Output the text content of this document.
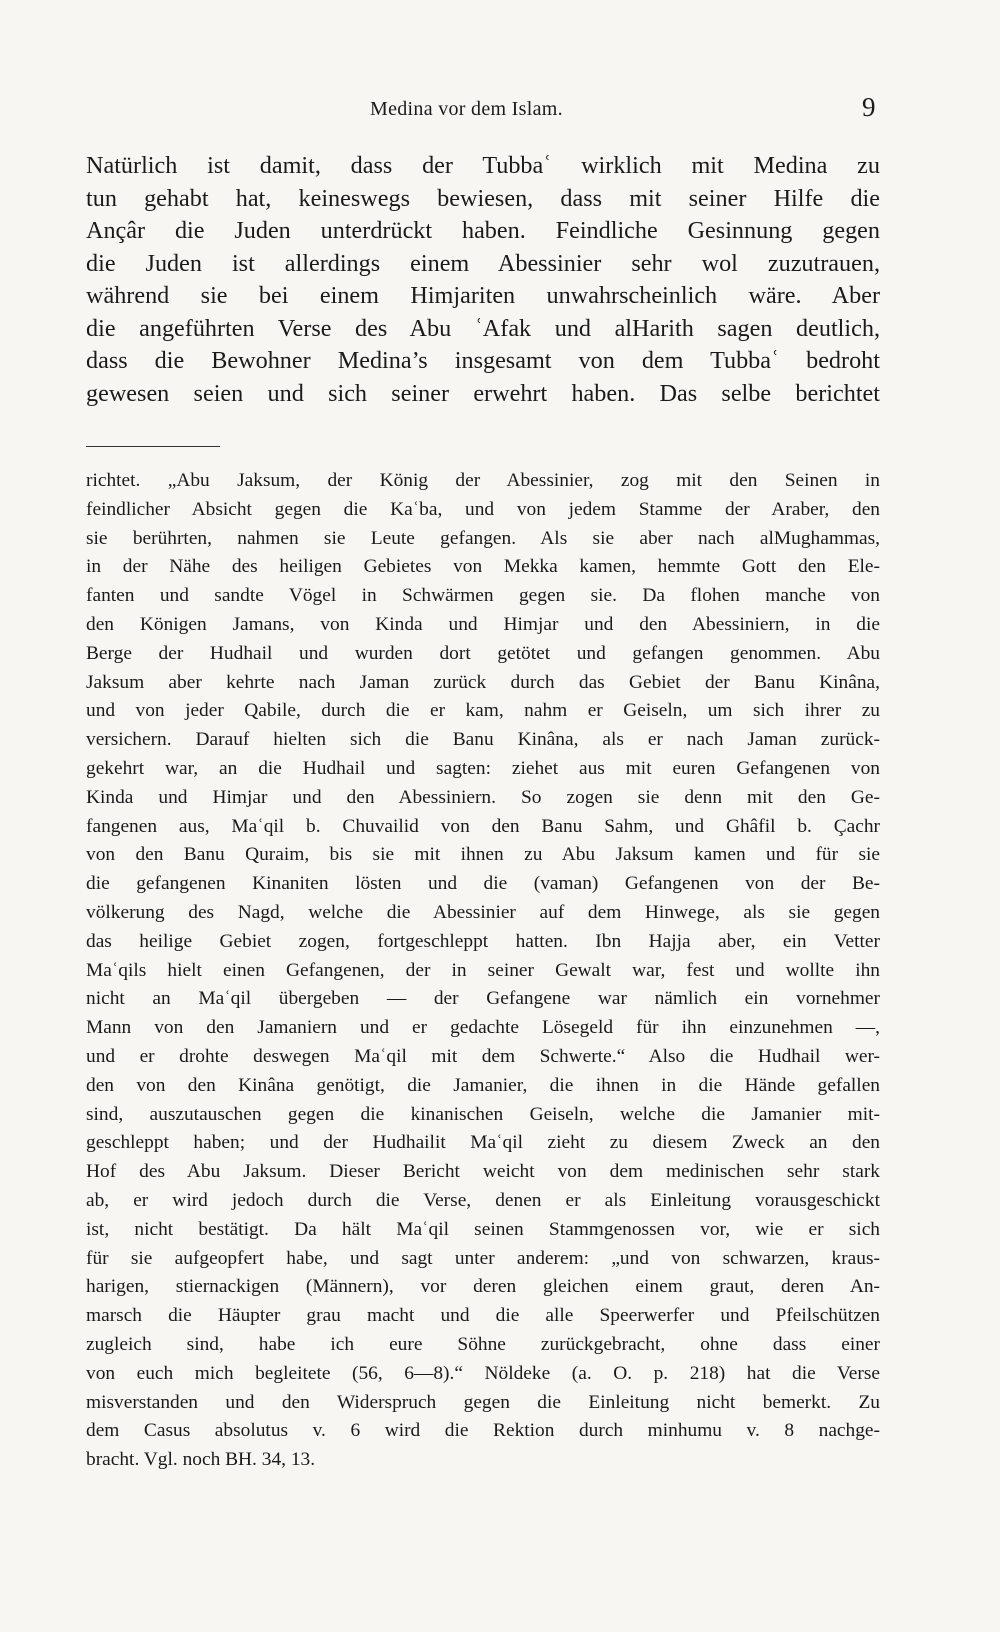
Medina vor dem Islam.	9
Natürlich ist damit, dass der Tubbaʿ wirklich mit Medina zu
tun gehabt hat, keineswegs bewiesen, dass mit seiner Hilfe die
Ançâr die Juden unterdrückt haben. Feindliche Gesinnung gegen
die Juden ist allerdings einem Abessinier sehr wol zuzutrauen,
während sie bei einem Himjariten unwahrscheinlich wäre. Aber
die angeführten Verse des Abu ʿAfak und alHarith sagen deutlich,
dass die Bewohner Medina’s insgesamt von dem Tubbaʿ bedroht
gewesen seien und sich seiner erwehrt haben. Das selbe berichtet
richtet. „Abu Jaksum, der König der Abessinier, zog mit den Seinen in
feindlicher Absicht gegen die Kaʿba, und von jedem Stamme der Araber, den
sie berührten, nahmen sie Leute gefangen. Als sie aber nach alMughammas,
in der Nähe des heiligen Gebietes von Mekka kamen, hemmte Gott den Ele-
fanten und sandte Vögel in Schwärmen gegen sie. Da flohen manche von
den Königen Jamans, von Kinda und Himjar und den Abessiniern, in die
Berge der Hudhail und wurden dort getötet und gefangen genommen. Abu
Jaksum aber kehrte nach Jaman zurück durch das Gebiet der Banu Kinâna,
und von jeder Qabile, durch die er kam, nahm er Geiseln, um sich ihrer zu
versichern. Darauf hielten sich die Banu Kinâna, als er nach Jaman zurück-
gekehrt war, an die Hudhail und sagten: ziehet aus mit euren Gefangenen von
Kinda und Himjar und den Abessiniern. So zogen sie denn mit den Ge-
fangenen aus, Maʿqil b. Chuvailid von den Banu Sahm, und Ghâfil b. Çachr
von den Banu Quraim, bis sie mit ihnen zu Abu Jaksum kamen und für sie
die gefangenen Kinaniten lösten und die (vaman) Gefangenen von der Be-
völkerung des Nagd, welche die Abessinier auf dem Hinwege, als sie gegen
das heilige Gebiet zogen, fortgeschleppt hatten. Ibn Hajja aber, ein Vetter
Maʿqils hielt einen Gefangenen, der in seiner Gewalt war, fest und wollte ihn
nicht an Maʿqil übergeben — der Gefangene war nämlich ein vornehmer
Mann von den Jamaniern und er gedachte Lösegeld für ihn einzunehmen —,
und er drohte deswegen Maʿqil mit dem Schwerte.“ Also die Hudhail wer-
den von den Kinâna genötigt, die Jamanier, die ihnen in die Hände gefallen
sind, auszutauschen gegen die kinanischen Geiseln, welche die Jamanier mit-
geschleppt haben; und der Hudhailit Maʿqil zieht zu diesem Zweck an den
Hof des Abu Jaksum. Dieser Bericht weicht von dem medinischen sehr stark
ab, er wird jedoch durch die Verse, denen er als Einleitung vorausgeschickt
ist, nicht bestätigt. Da hält Maʿqil seinen Stammgenossen vor, wie er sich
für sie aufgeopfert habe, und sagt unter anderem: „und von schwarzen, kraus-
harigen, stiernackigen (Männern), vor deren gleichen einem graut, deren An-
marsch die Häupter grau macht und die alle Speerwerfer und Pfeilschützen
zugleich sind, habe ich eure Söhne zurückgebracht, ohne dass einer
von euch mich begleitete (56, 6—8).“ Nöldeke (a. O. p. 218) hat die Verse
misverstanden und den Widerspruch gegen die Einleitung nicht bemerkt. Zu
dem Casus absolutus v. 6 wird die Rektion durch minhumu v. 8 nachge-
bracht. Vgl. noch BH. 34, 13.
